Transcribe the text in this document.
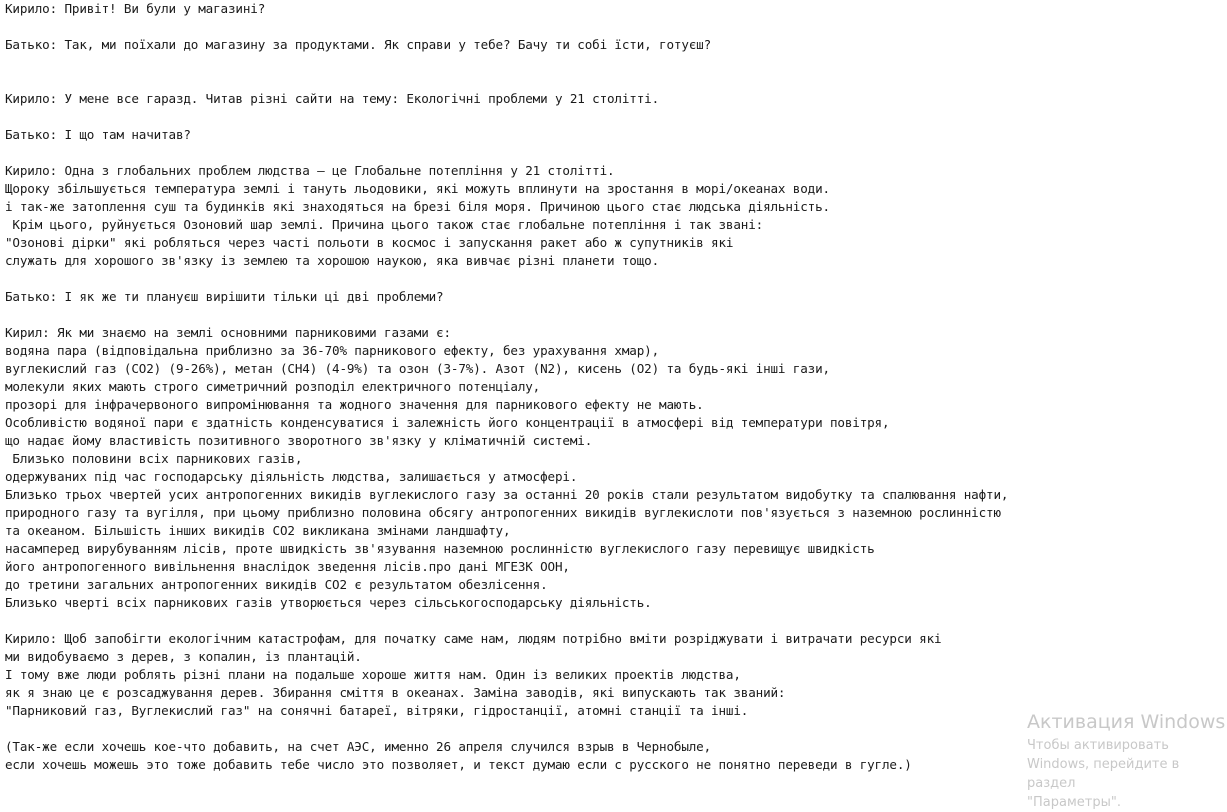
Кирило: Привіт! Ви були у магазині?
Батько: Так, ми поїхали до магазину за продуктами. Як справи у тебе? Бачу ти собі їсти, готуєш?
Кирило: У мене все гаразд. Читав різні сайти на тему: Екологічні проблеми у 21 столітті.
Батько: І що там начитав?
Кирило: Одна з глобальних проблем людства – це Глобальне потепління у 21 столітті.
Щороку збільшується температура землі і тануть льодовики, які можуть вплинути на зростання в морі/океанах води.
і так-же затоплення суш та будинків які знаходяться на брезі біля моря. Причиною цього стає людська діяльність.
Крім цього, руйнується Озоновий шар землі. Причина цього також стає глобальне потепління і так звані:
"Озонові дірки" які робляться через часті польоти в космос і запускання ракет або ж супутників які
служать для хорошого зв'язку із землею та хорошою наукою, яка вивчає різні планети тощо.
Батько: І як же ти плануєш вирішити тільки ці дві проблеми?
Кирил: Як ми знаємо на землі основними парниковими газами є:
водяна пара (відповідальна приблизно за 36-70% парникового ефекту, без урахування хмар),
вуглекислий газ (CO2) (9-26%), метан (CH4) (4-9%) та озон (3-7%). Азот (N2), кисень (O2) та будь-які інші гази,
молекули яких мають строго симетричний розподіл електричного потенціалу,
прозорі для інфрачервоного випромінювання та жодного значення для парникового ефекту не мають.
Особливістю водяної пари є здатність конденсуватися і залежність його концентрації в атмосфері від температури повітря,
що надає йому властивість позитивного зворотного зв'язку у кліматичній системі.
Близько половини всіх парникових газів,
одержуваних під час господарську діяльність людства, залишається у атмосфері.
Близько трьох чвертей усих антропогенних викидів вуглекислого газу за останні 20 років стали результатом видобутку та спалювання нафти,
природного газу та вугілля, при цьому приблизно половина обсягу антропогенних викидів вуглекислоти пов'язується з наземною рослинністю
та океаном. Більшість інших викидів CO2 викликана змінами ландшафту,
насамперед вирубуванням лісів, проте швидкість зв'язування наземною рослинністю вуглекислого газу перевищує швидкість
його антропогенного вивільнення внаслідок зведення лісів.про дані МГЕЗК ООН,
до третини загальних антропогенних викидів CO2 є результатом обезлісення.
Близько чверті всіх парникових газів утворюється через сільськогосподарську діяльність.
Кирило: Щоб запобігти екологічним катастрофам, для початку саме нам, людям потрібно вміти розріджувати і витрачати ресурси які
ми видобуваємо з дерев, з копалин, із плантацій.
І тому вже люди роблять різні плани на подальше хороше життя нам. Один із великих проектів людства,
як я знаю це є розсаджування дерев. Збирання сміття в океанах. Заміна заводів, які випускають так званий:
"Парниковий газ, Вуглекислий газ" на сонячні батареї, вітряки, гідростанції, атомні станції та інші.
(Так-же если хочешь кое-что добавить, на счет АЭС, именно 26 апреля случился взрыв в Чернобыле,
если хочешь можешь это тоже добавить тебе число это позволяет, и текст думаю если с русского не понятно переведи в гугле.)
Активация Windows
Чтобы активировать Windows, перейдите в раздел
"Параметры".
